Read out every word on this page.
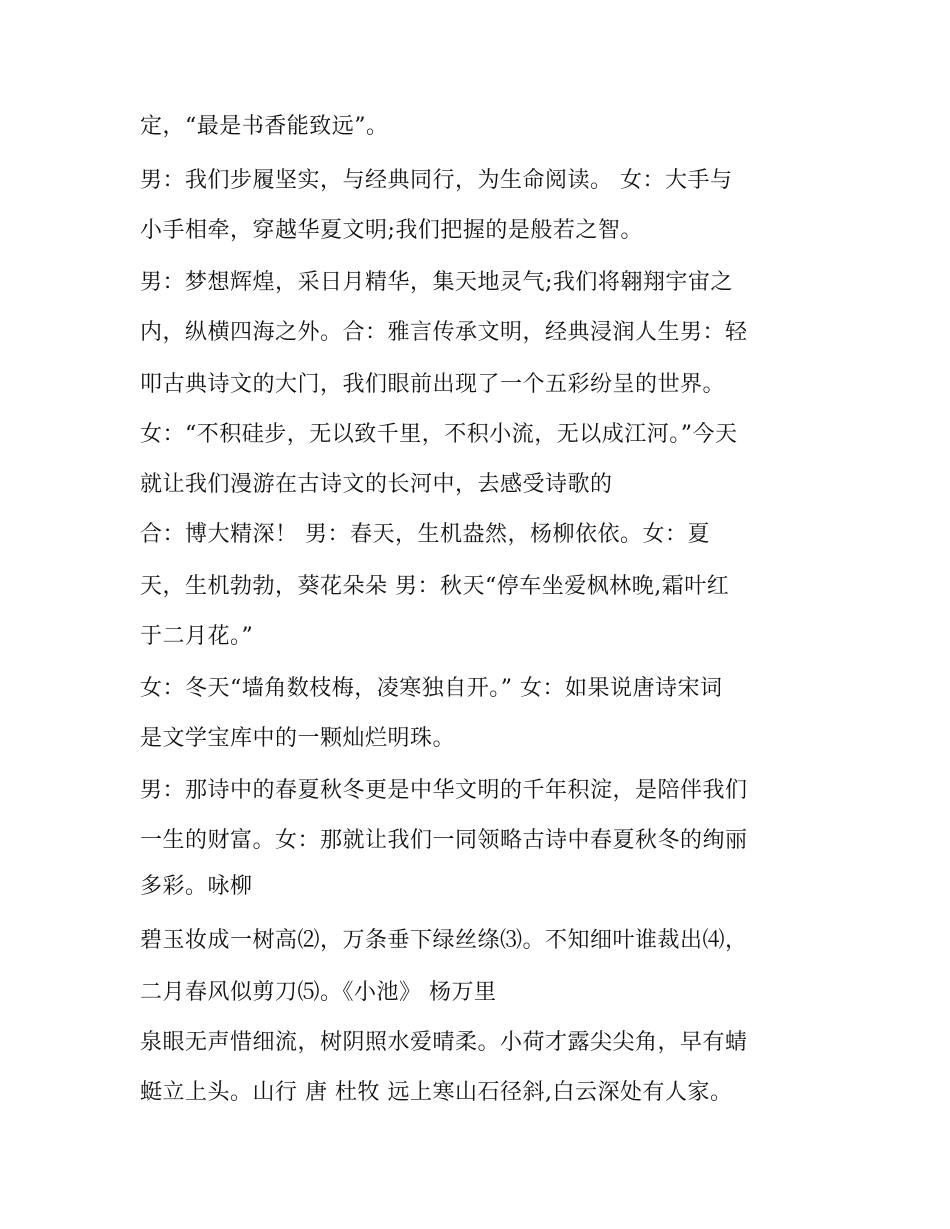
定，“最是书香能致远”。
男：我们步履坚实，与经典同行，为生命阅读。 女：大手与
小手相牵，穿越华夏文明;我们把握的是般若之智。
男：梦想辉煌，采日月精华，集天地灵气;我们将翱翔宇宙之
内，纵横四海之外。合：雅言传承文明，经典浸润人生男：轻
叩古典诗文的大门，我们眼前出现了一个五彩纷呈的世界。
女：“不积硅步，无以致千里，不积小流，无以成江河。”今天
就让我们漫游在古诗文的长河中，去感受诗歌的
合：博大精深！ 男：春天，生机盎然，杨柳依依。女：夏
天，生机勃勃，葵花朵朵 男：秋天“停车坐爱枫林晚,霜叶红
于二月花。”
女：冬天“墙角数枝梅，凌寒独自开。” 女：如果说唐诗宋词
是文学宝库中的一颗灿烂明珠。
男：那诗中的春夏秋冬更是中华文明的千年积淀，是陪伴我们
一生的财富。女：那就让我们一同领略古诗中春夏秋冬的绚丽
多彩。咏柳
碧玉妆成一树高⑵，万条垂下绿丝绦⑶。不知细叶谁裁出⑷，
二月春风似剪刀⑸。《小池》 杨万里
泉眼无声惜细流，树阴照水爱晴柔。小荷才露尖尖角，早有蜻
蜓立上头。山行 唐 杜牧 远上寒山石径斜,白云深处有人家。
